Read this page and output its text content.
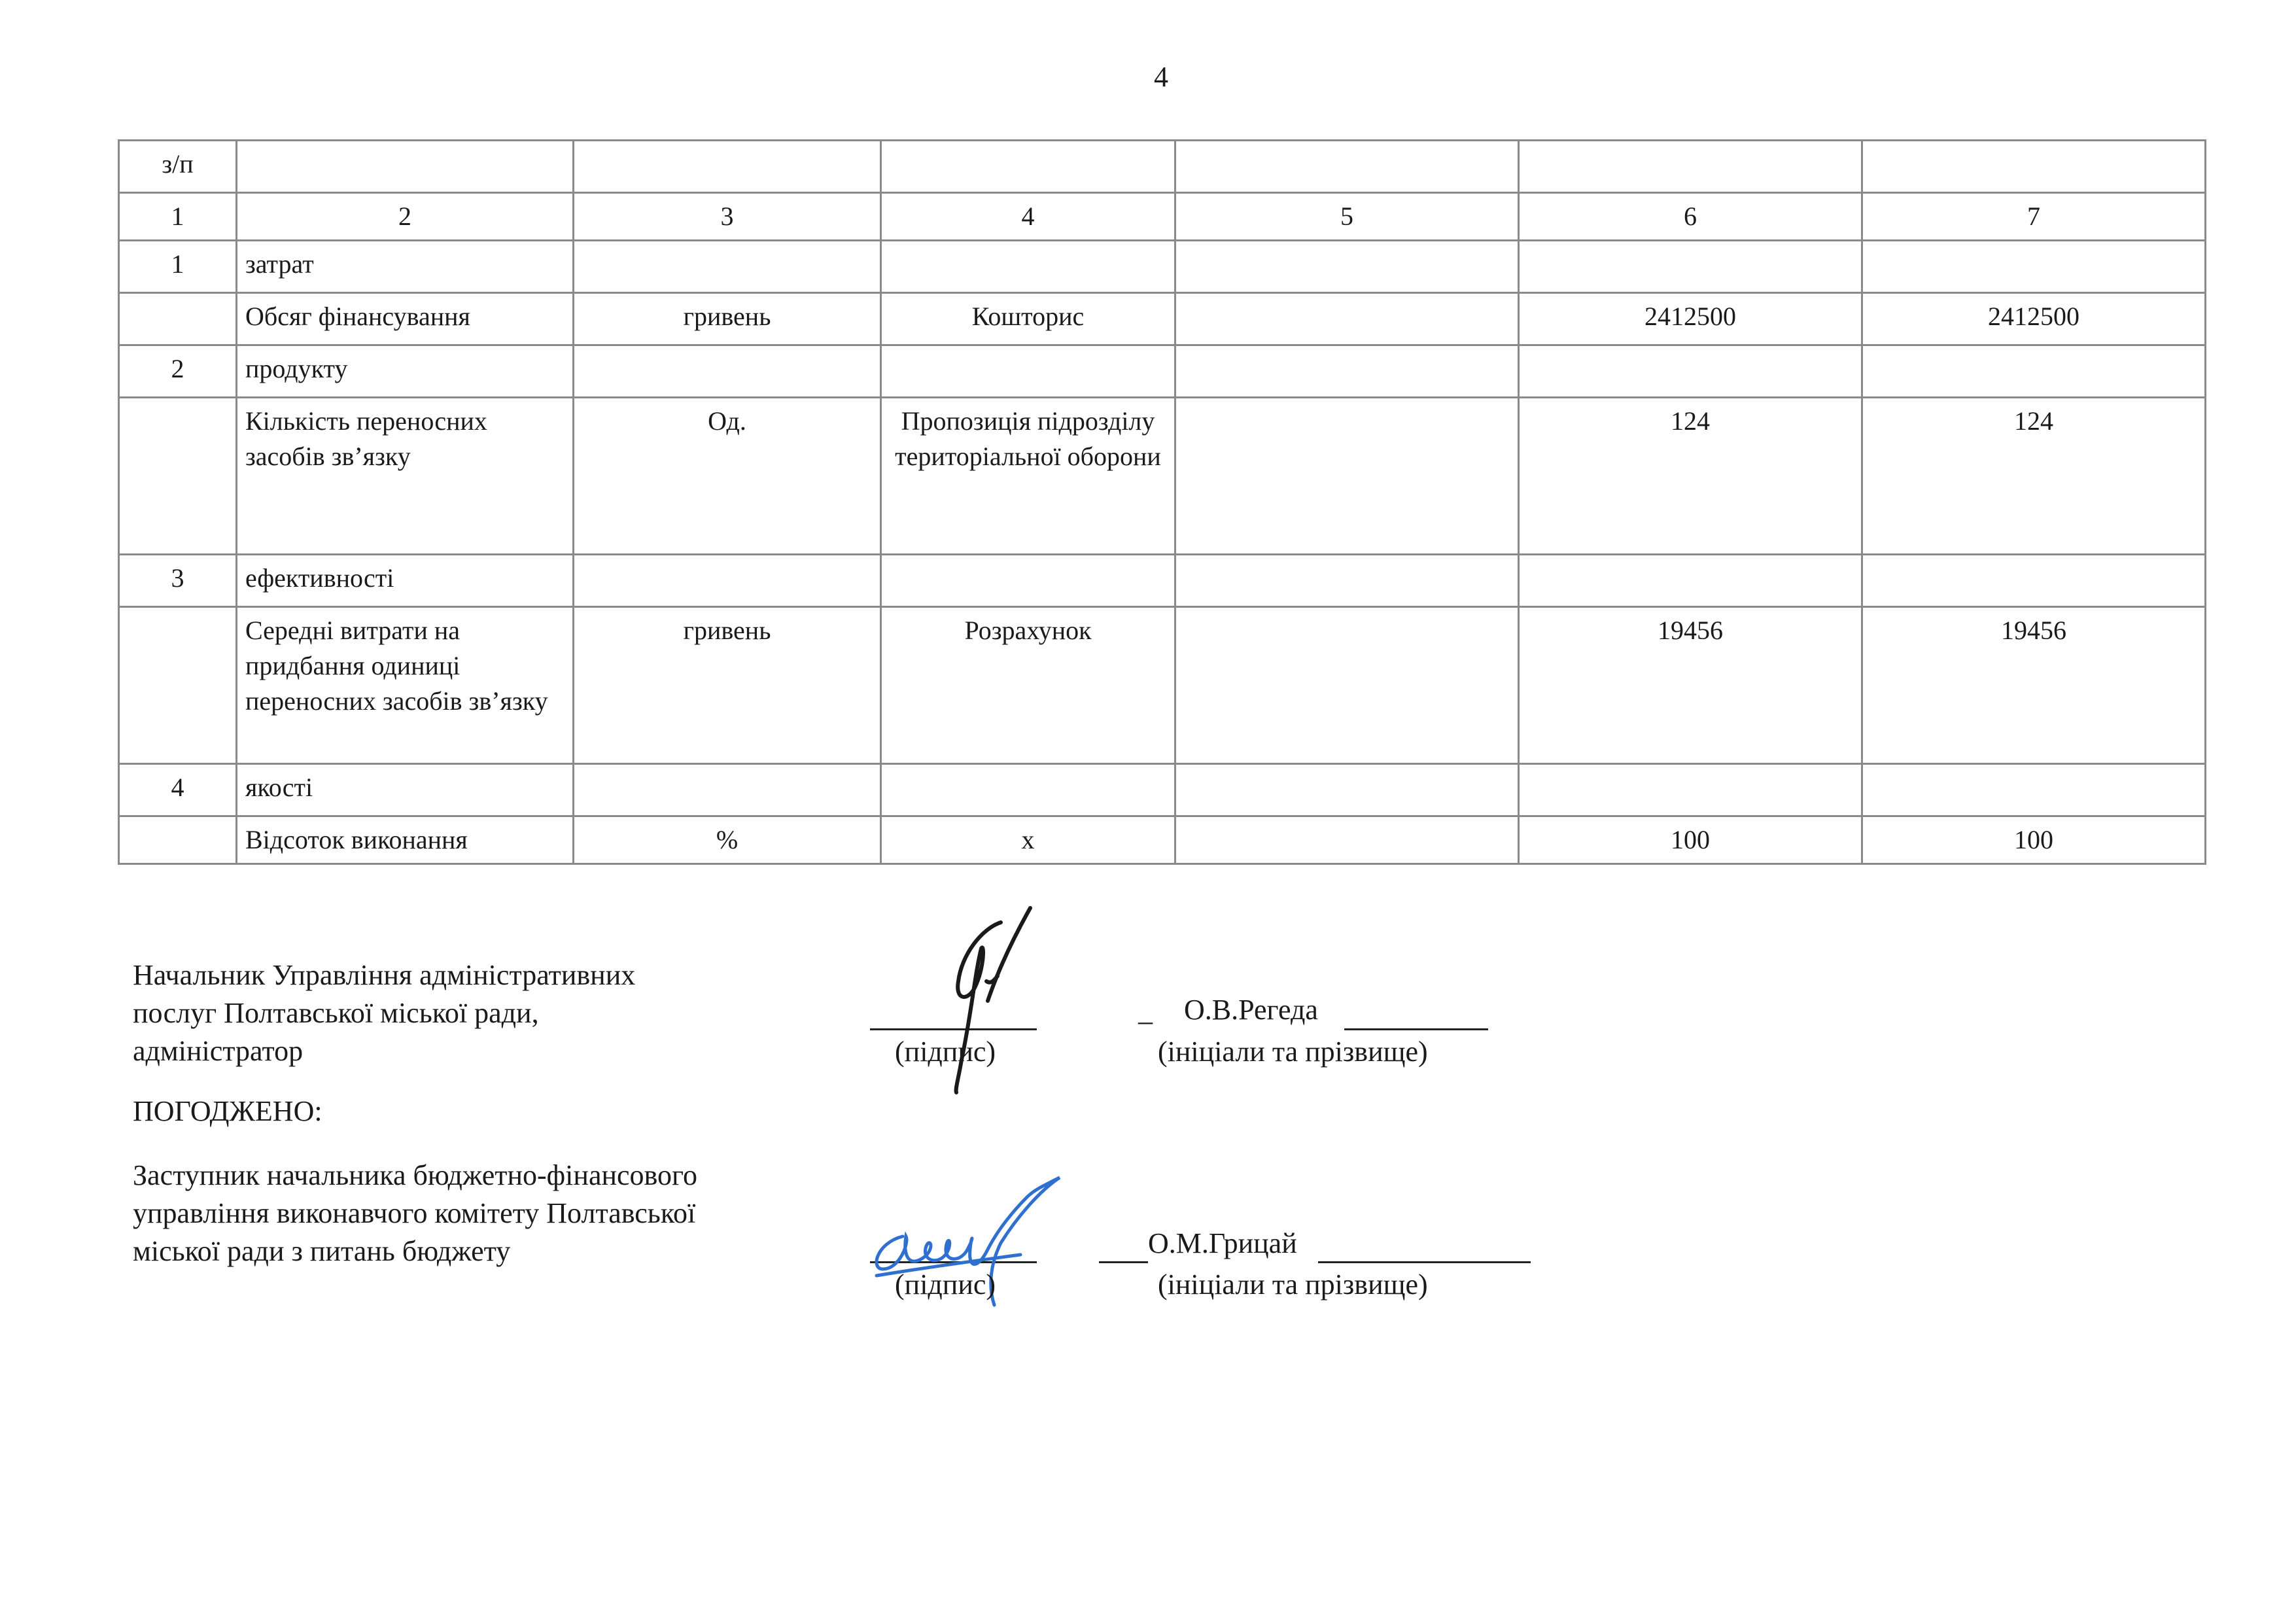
4
з/п						
1	2	3	4	5	6	7
1	затрат					
	Обсяг фінансування	гривень	Кошторис		2412500	2412500
2	продукту					
	Кількість переносних засобів зв’язку	Од.	Пропозиція підрозділу територіальної оборони		124	124
3	ефективності					
	Середні витрати на придбання одиниці переносних засобів зв’язку	гривень	Розрахунок		19456	19456
4	якості					
	Відсоток виконання	%	х		100	100
Начальник Управління адміністративних
послуг Полтавської міської ради,
адміністратор	(підпис)
_ О.В.Регеда
(ініціали та прізвище)
ПОГОДЖЕНО:
Заступник начальника бюджетно-фінансового
управління виконавчого комітету Полтавської
міської ради з питань бюджету
(підпис)
О.М.Грицай
(ініціали та прізвище)
